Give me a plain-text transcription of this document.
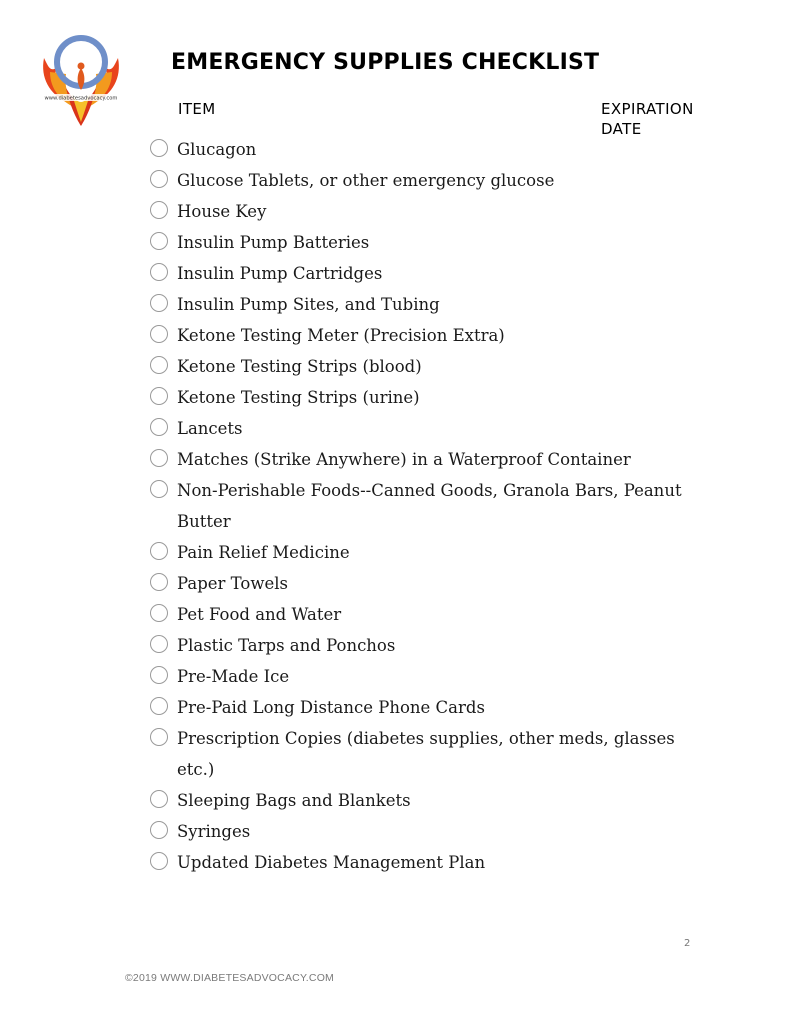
www.diabetesadvocacy.com
EMERGENCY SUPPLIES CHECKLIST
ITEM	EXPIRATION DATE
Glucagon
Glucose Tablets, or other emergency glucose
House Key
Insulin Pump Batteries
Insulin Pump Cartridges
Insulin Pump Sites, and Tubing
Ketone Testing Meter (Precision Extra)
Ketone Testing Strips (blood)
Ketone Testing Strips (urine)
Lancets
Matches (Strike Anywhere) in a Waterproof Container
Non-Perishable Foods--Canned Goods, Granola Bars, Peanut Butter
Pain Relief Medicine
Paper Towels
Pet Food and Water
Plastic Tarps and Ponchos
Pre-Made Ice
Pre-Paid Long Distance Phone Cards
Prescription Copies (diabetes supplies, other meds, glasses etc.)
Sleeping Bags and Blankets
Syringes
Updated Diabetes Management Plan
2
©2019 WWW.DIABETESADVOCACY.COM
